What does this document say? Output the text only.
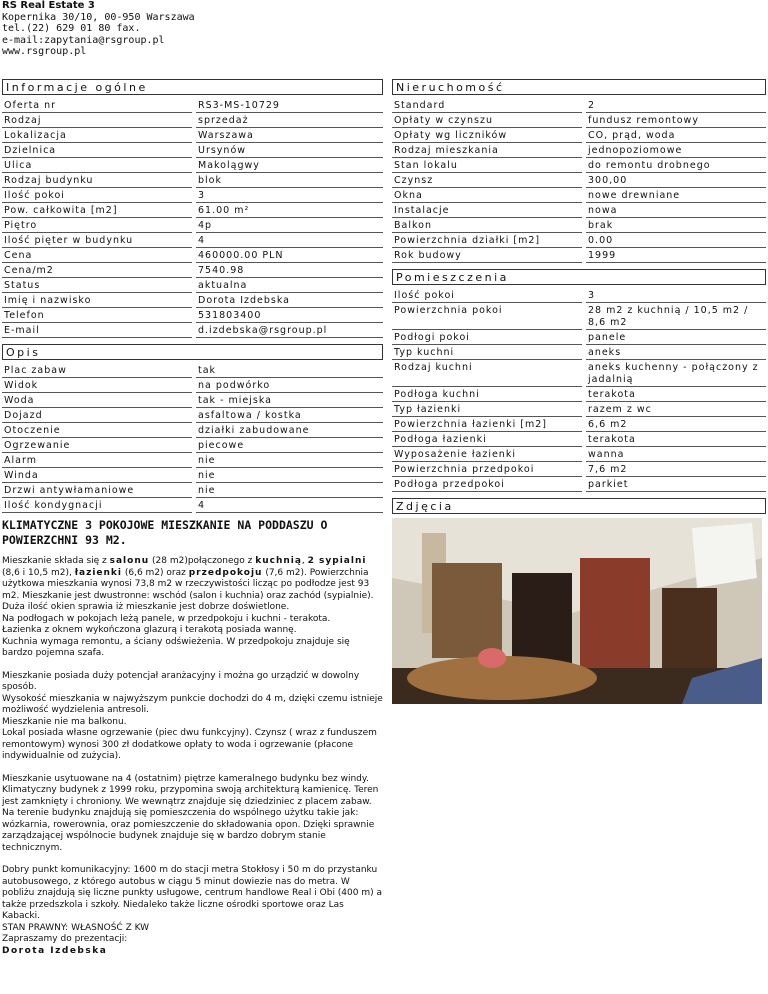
RS Real Estate 3
Kopernika 30/10, 00-950 Warszawa
tel.(22) 629 01 80 fax.
e-mail:zapytania@rsgroup.pl
www.rsgroup.pl
Informacje ogólne
Oferta nr		RS3-MS-10729
Rodzaj		sprzedaż
Lokalizacja		Warszawa
Dzielnica		Ursynów
Ulica		Makolągwy
Rodzaj budynku		blok
Ilość pokoi		3
Pow. całkowita [m2]		61.00 m²
Piętro		4p
Ilość pięter w budynku		4
Cena		460000.00 PLN
Cena/m2		7540.98
Status		aktualna
Imię i nazwisko		Dorota Izdebska
Telefon		531803400
E-mail		d.izdebska@rsgroup.pl
Opis
Plac zabaw		tak
Widok		na podwórko
Woda		tak - miejska
Dojazd		asfaltowa / kostka
Otoczenie		działki zabudowane
Ogrzewanie		piecowe
Alarm		nie
Winda		nie
Drzwi antywłamaniowe		nie
Ilość kondygnacji		4
KLIMATYCZNE 3 POKOJOWE MIESZKANIE NA PODDASZU O POWIERZCHNI 93 M2.

Mieszkanie składa się z salonu (28 m2)połączonego z kuchnią, 2 sypialni (8,6 i 10,5 m2), łazienki (6,6 m2) oraz przedpokoju (7,6 m2). Powierzchnia użytkowa mieszkania wynosi 73,8 m2 w rzeczywistości licząc po podłodze jest 93 m2. Mieszkanie jest dwustronne: wschód (salon i kuchnia) oraz zachód (sypialnie). Duża ilość okien sprawia iż mieszkanie jest dobrze doświetlone.
Na podłogach w pokojach leżą panele, w przedpokoju i kuchni - terakota.
Łazienka z oknem wykończona glazurą i terakotą posiada wannę.
Kuchnia wymaga remontu, a ściany odświeżenia. W przedpokoju znajduje się bardzo pojemna szafa.

Mieszkanie posiada duży potencjał aranżacyjny i można go urządzić w dowolny sposób.
Wysokość mieszkania w najwyższym punkcie dochodzi do 4 m, dzięki czemu istnieje możliwość wydzielenia antresoli.
Mieszkanie nie ma balkonu.
Lokal posiada własne ogrzewanie (piec dwu funkcyjny). Czynsz ( wraz z funduszem remontowym) wynosi 300 zł dodatkowe opłaty to woda i ogrzewanie (płacone indywidualnie od zużycia).

Mieszkanie usytuowane na 4 (ostatnim) piętrze kameralnego budynku bez windy. Klimatyczny budynek z 1999 roku, przypomina swoją architekturą kamienicę. Teren jest zamknięty i chroniony. We wewnątrz znajduje się dziedziniec z placem zabaw. Na terenie budynku znajdują się pomieszczenia do wspólnego użytku takie jak: wózkarnia, rowerownia, oraz pomieszczenie do składowania opon. Dzięki sprawnie zarządzającej wspólnocie budynek znajduje się w bardzo dobrym stanie technicznym.

Dobry punkt komunikacyjny: 1600 m do stacji metra Stokłosy i 50 m do przystanku autobusowego, z którego autobus w ciągu 5 minut dowiezie nas do metra. W pobliżu znajdują się liczne punkty usługowe, centrum handlowe Real i Obi (400 m) a także przedszkola i szkoły. Niedaleko także liczne ośrodki sportowe oraz Las Kabacki.
STAN PRAWNY: WŁASNOŚĆ Z KW
Zapraszamy do prezentacji:
Dorota Izdebska

Nieruchomość
Standard		2
Opłaty w czynszu		fundusz remontowy
Opłaty wg liczników		CO, prąd, woda
Rodzaj mieszkania		jednopoziomowe
Stan lokalu		do remontu drobnego
Czynsz		300,00
Okna		nowe drewniane
Instalacje		nowa
Balkon		brak
Powierzchnia działki [m2]		0.00
Rok budowy		1999
Pomieszczenia
Ilość pokoi		3
Powierzchnia pokoi		28 m2 z kuchnią / 10,5 m2 / 8,6 m2
Podłogi pokoi		panele
Typ kuchni		aneks
Rodzaj kuchni		aneks kuchenny - połączony z jadalnią
Podłoga kuchni		terakota
Typ łazienki		razem z wc
Powierzchnia łazienki [m2]		6,6 m2
Podłoga łazienki		terakota
Wyposażenie łazienki		wanna
Powierzchnia przedpokoi		7,6 m2
Podłoga przedpokoi		parkiet
Zdjęcia
